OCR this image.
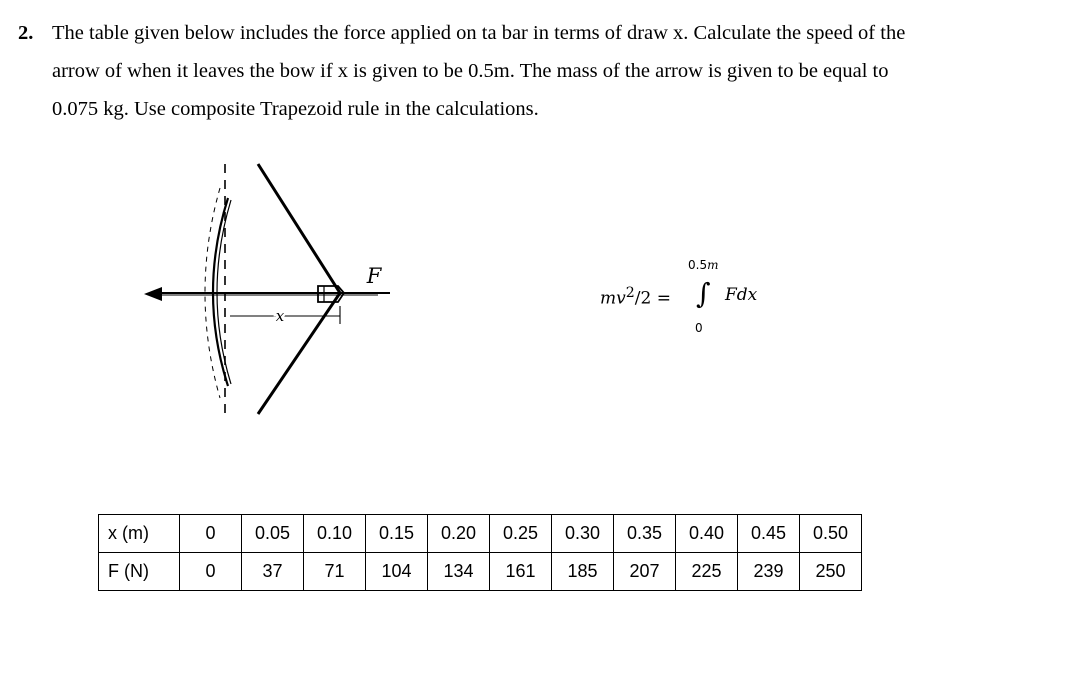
2. The table given below includes the force applied on ta bar in terms of draw x. Calculate the speed of the
arrow of when it leaves the bow if x is given to be 0.5m. The mass of the arrow is given to be equal to
0.075 kg. Use composite Trapezoid rule in the calculations.
x
F
$mv^2/2$ =
0.5m
∫
0
Fdx
x (m)	0	0.05	0.10	0.15	0.20	0.25	0.30	0.35	0.40	0.45	0.50
F (N)	0	37	71	104	134	161	185	207	225	239	250
